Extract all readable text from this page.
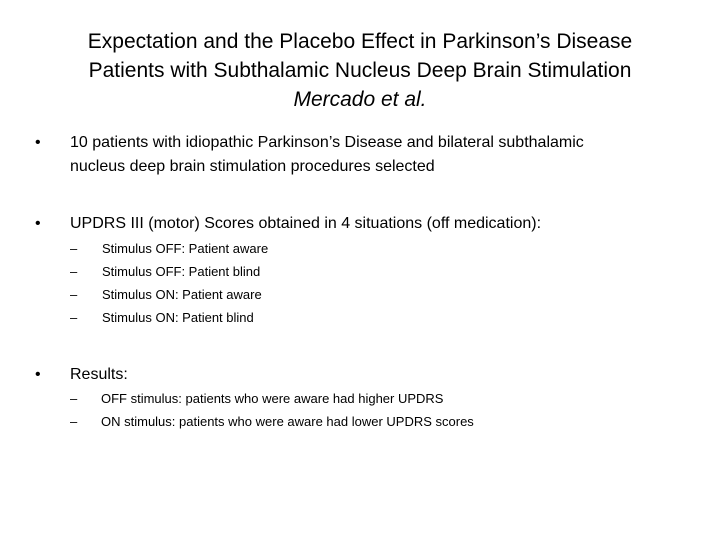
Expectation and the Placebo Effect in Parkinson’s Disease
Patients with Subthalamic Nucleus Deep Brain Stimulation
Mercado et al.
• 10 patients with idiopathic Parkinson’s Disease and bilateral subthalamic
nucleus deep brain stimulation procedures selected
• UPDRS III (motor) Scores obtained in 4 situations (off medication):
– Stimulus OFF: Patient aware
– Stimulus OFF: Patient blind
– Stimulus ON: Patient aware
– Stimulus ON: Patient blind
• Results:
– OFF stimulus: patients who were aware had higher UPDRS
– ON stimulus: patients who were aware had lower UPDRS scores
